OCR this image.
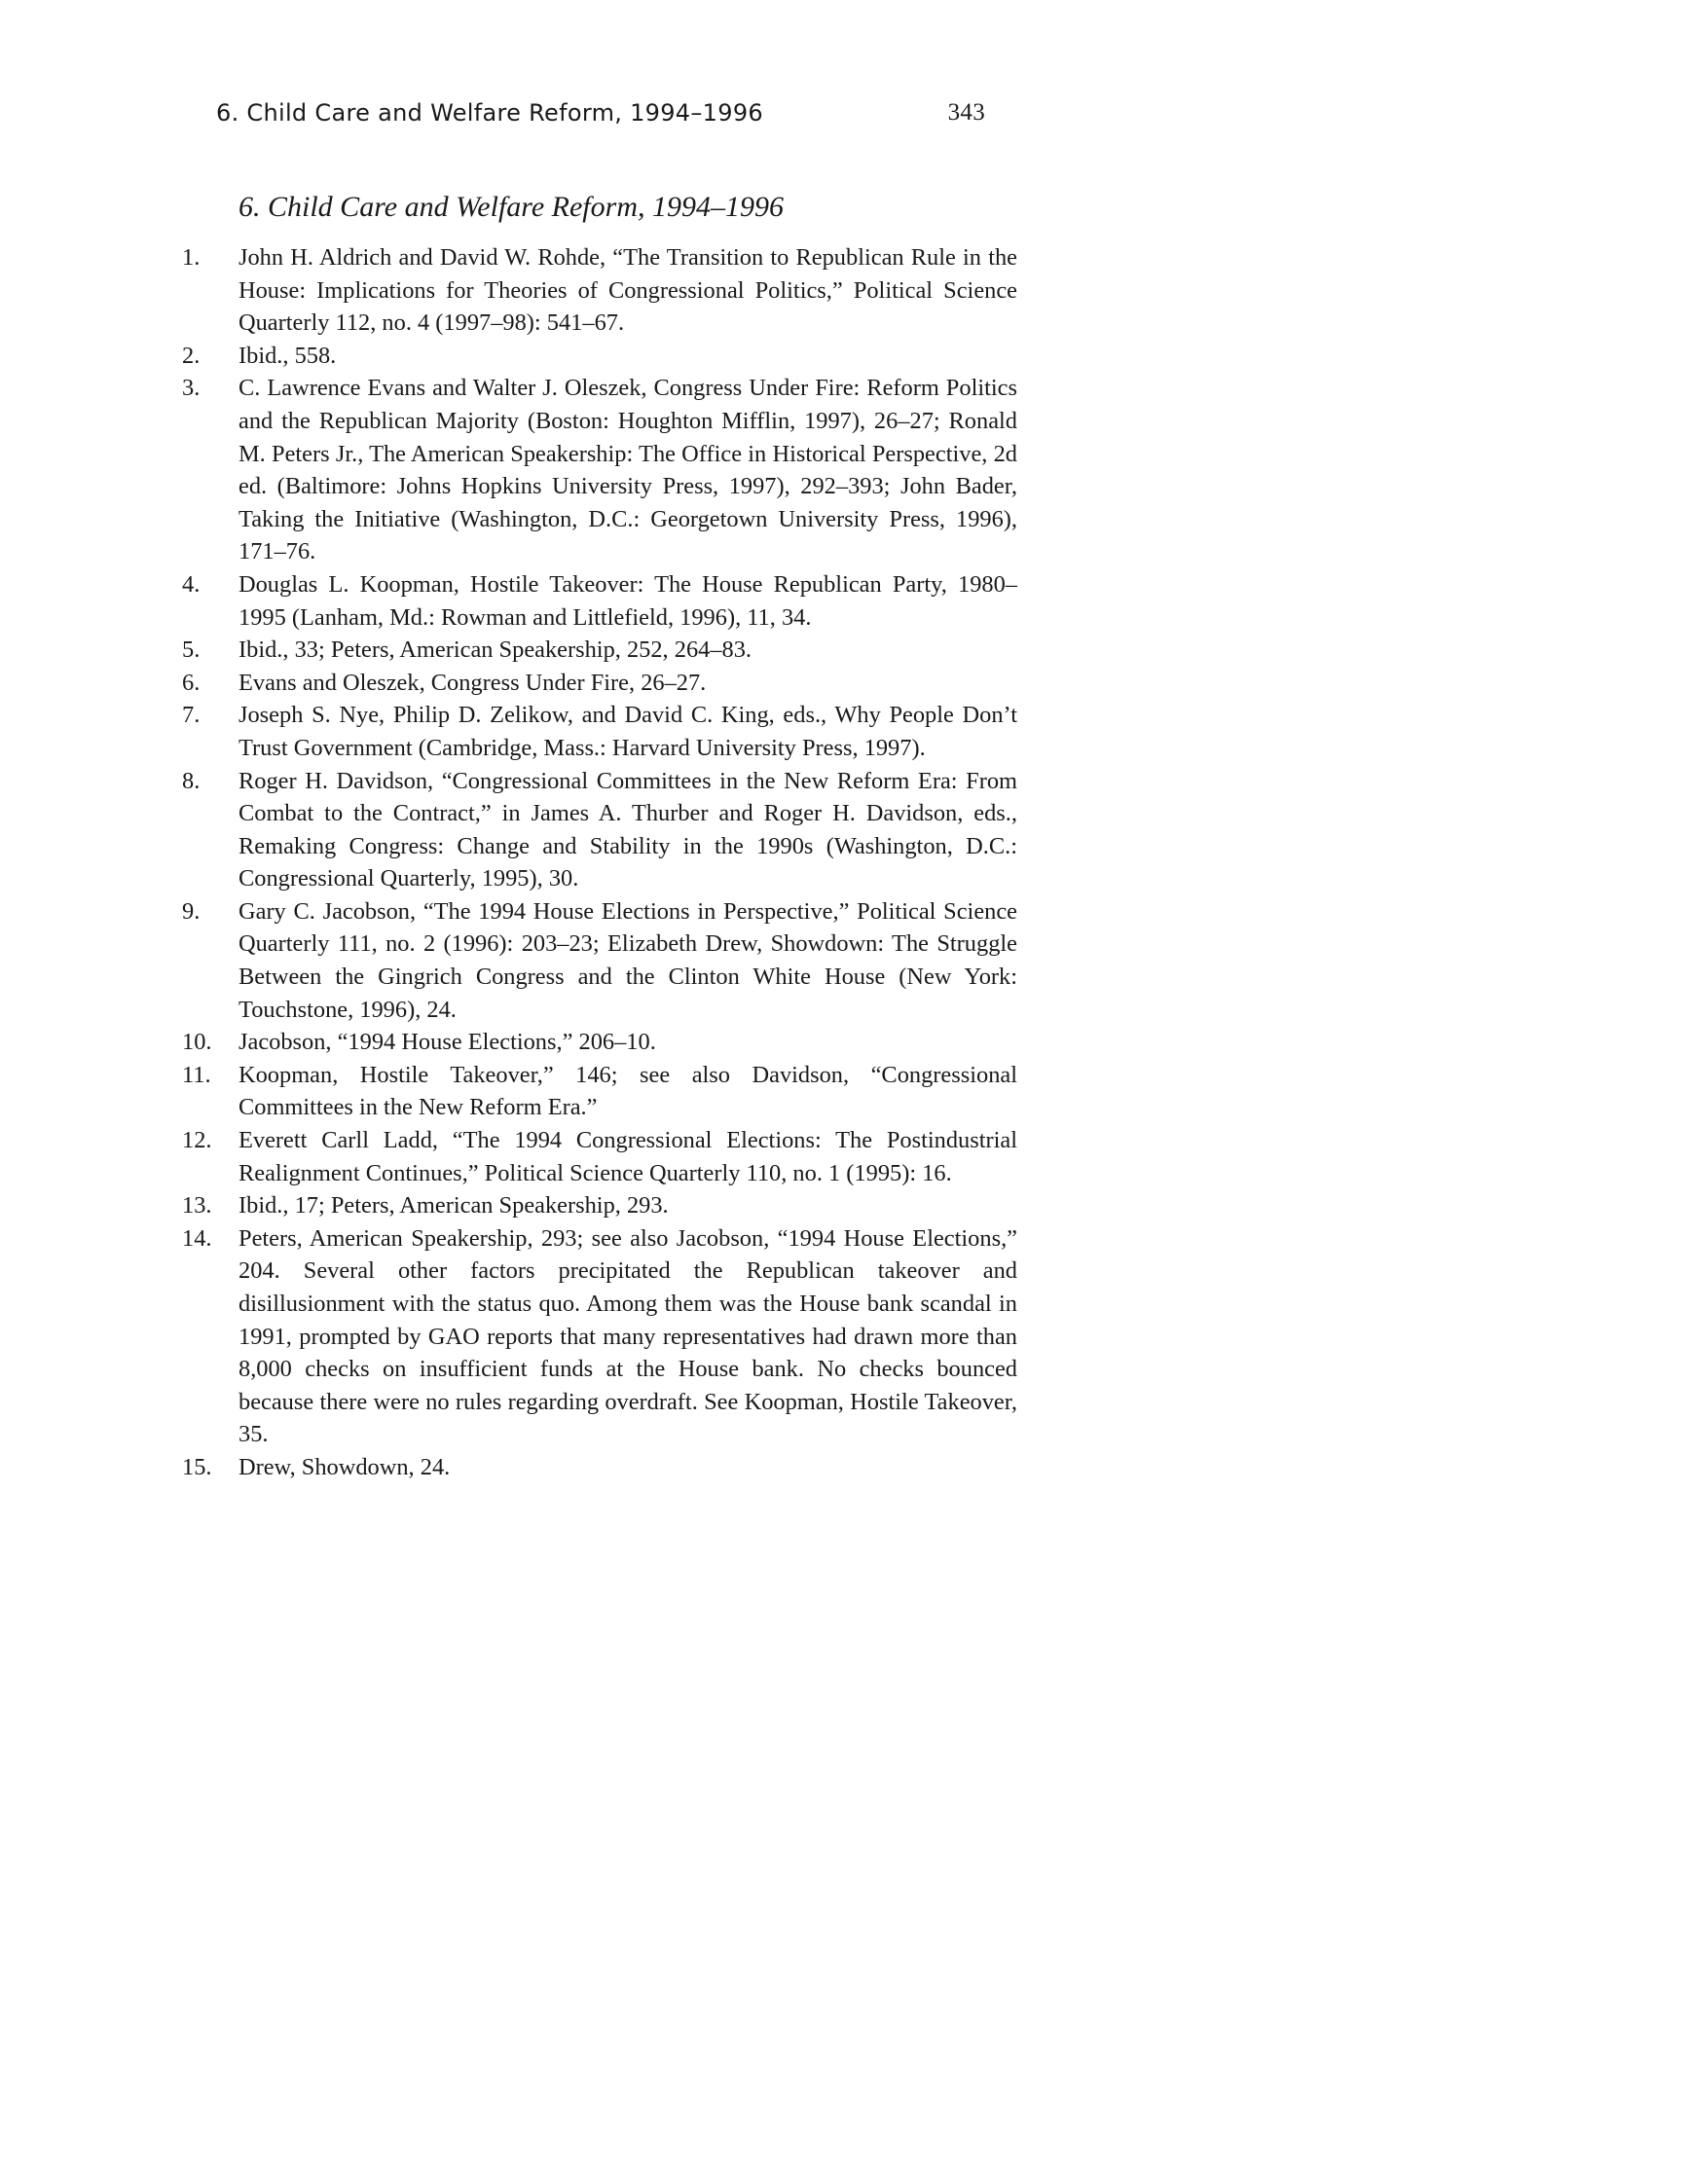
6. Child Care and Welfare Reform, 1994–1996	343
6. Child Care and Welfare Reform, 1994–1996
1. John H. Aldrich and David W. Rohde, “The Transition to Republican Rule in the House: Implications for Theories of Congressional Politics,” Political Science Quarterly 112, no. 4 (1997–98): 541–67.
2. Ibid., 558.
3. C. Lawrence Evans and Walter J. Oleszek, Congress Under Fire: Reform Politics and the Republican Majority (Boston: Houghton Mifflin, 1997), 26–27; Ronald M. Peters Jr., The American Speakership: The Office in Historical Perspective, 2d ed. (Baltimore: Johns Hopkins University Press, 1997), 292–393; John Bader, Taking the Initiative (Washington, D.C.: Georgetown University Press, 1996), 171–76.
4. Douglas L. Koopman, Hostile Takeover: The House Republican Party, 1980–1995 (Lanham, Md.: Rowman and Littlefield, 1996), 11, 34.
5. Ibid., 33; Peters, American Speakership, 252, 264–83.
6. Evans and Oleszek, Congress Under Fire, 26–27.
7. Joseph S. Nye, Philip D. Zelikow, and David C. King, eds., Why People Don’t Trust Government (Cambridge, Mass.: Harvard University Press, 1997).
8. Roger H. Davidson, “Congressional Committees in the New Reform Era: From Combat to the Contract,” in James A. Thurber and Roger H. Davidson, eds., Remaking Congress: Change and Stability in the 1990s (Washington, D.C.: Congressional Quarterly, 1995), 30.
9. Gary C. Jacobson, “The 1994 House Elections in Perspective,” Political Science Quarterly 111, no. 2 (1996): 203–23; Elizabeth Drew, Showdown: The Struggle Between the Gingrich Congress and the Clinton White House (New York: Touchstone, 1996), 24.
10. Jacobson, “1994 House Elections,” 206–10.
11. Koopman, Hostile Takeover,” 146; see also Davidson, “Congressional Committees in the New Reform Era.”
12. Everett Carll Ladd, “The 1994 Congressional Elections: The Postindustrial Realignment Continues,” Political Science Quarterly 110, no. 1 (1995): 16.
13. Ibid., 17; Peters, American Speakership, 293.
14. Peters, American Speakership, 293; see also Jacobson, “1994 House Elections,” 204. Several other factors precipitated the Republican takeover and disillusionment with the status quo. Among them was the House bank scandal in 1991, prompted by GAO reports that many representatives had drawn more than 8,000 checks on insufficient funds at the House bank. No checks bounced because there were no rules regarding overdraft. See Koopman, Hostile Takeover, 35.
15. Drew, Showdown, 24.
